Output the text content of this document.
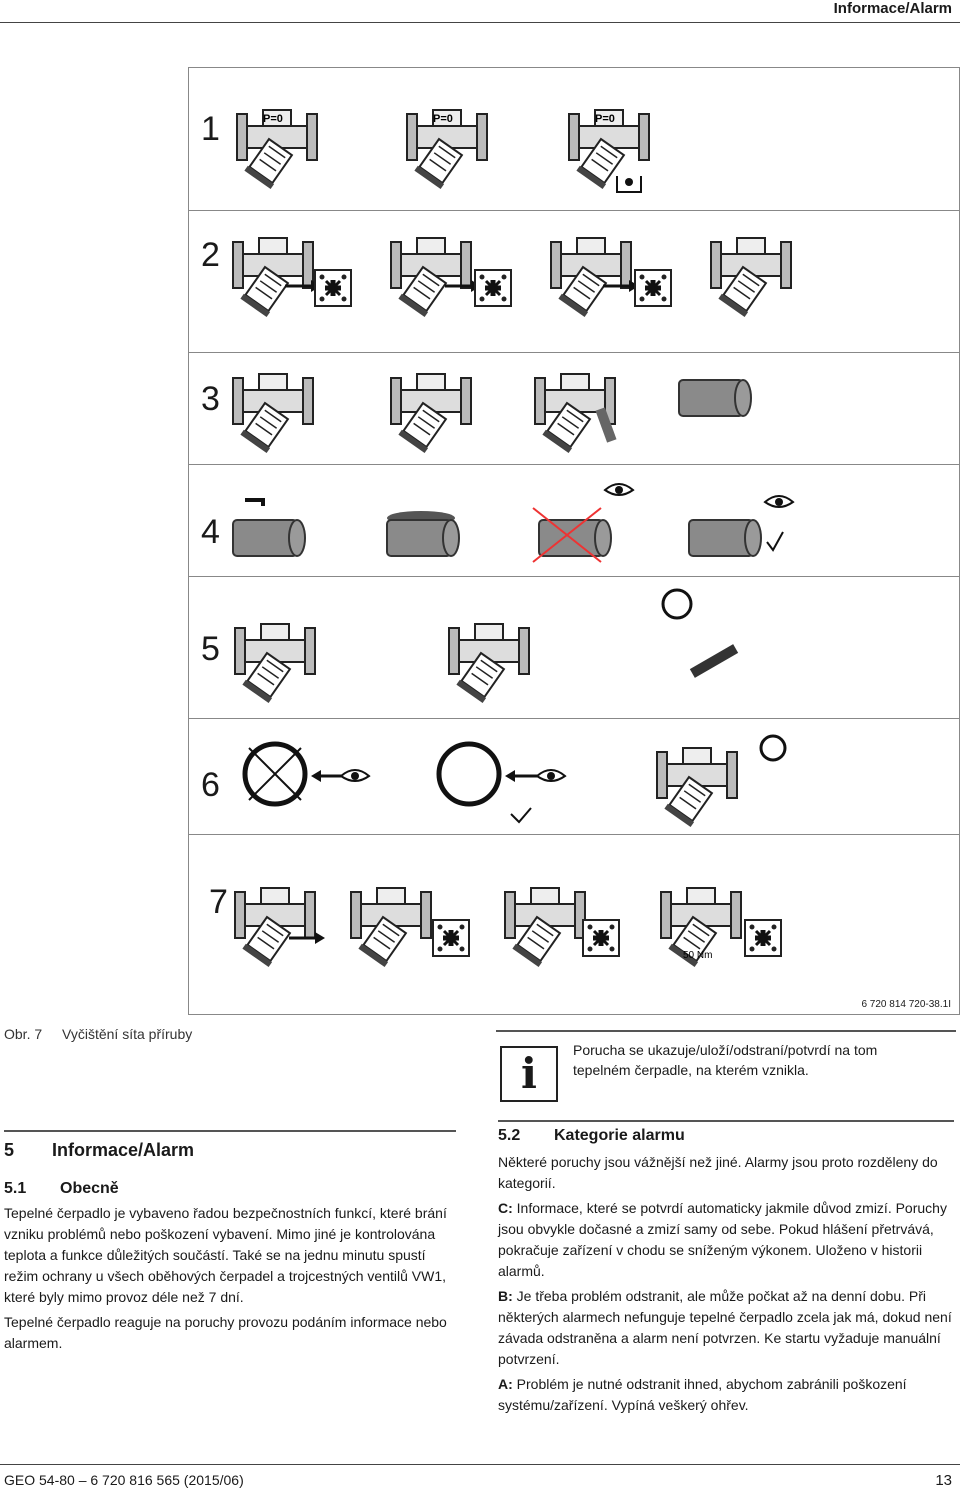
Informace/Alarm
1
2
3
4
5
6
7
P=0	P=0	P=0
50 Nm
6 720 814 720-38.1I
Obr. 7 Vyčištění síta příruby
i	Porucha se ukazuje/uloží/odstraní/potvrdí na tom tepelném čerpadle, na kterém vznikla.
5 Informace/Alarm
5.1 Obecně

Tepelné čerpadlo je vybaveno řadou bezpečnostních funkcí, které brání vzniku problémů nebo poškození vybavení. Mimo jiné je kontrolována teplota a funkce důležitých součástí. Také se na jednu minutu spustí režim ochrany u všech oběhových čerpadel a trojcestných ventilů VW1, které byly mimo provoz déle než 7 dní.

Tepelné čerpadlo reaguje na poruchy provozu podáním informace nebo alarmem.

5.2 Kategorie alarmu

Některé poruchy jsou vážnější než jiné. Alarmy jsou proto rozděleny do kategorií.

C: Informace, které se potvrdí automaticky jakmile důvod zmizí. Poruchy jsou obvykle dočasné a zmizí samy od sebe. Pokud hlášení přetrvává, pokračuje zařízení v chodu se sníženým výkonem. Uloženo v historii alarmů.

B: Je třeba problém odstranit, ale může počkat až na denní dobu. Při některých alarmech nefunguje tepelné čerpadlo zcela jak má, dokud není závada odstraněna a alarm není potvrzen. Ke startu vyžaduje manuální potvrzení.

A: Problém je nutné odstranit ihned, abychom zabránili poškození systému/zařízení. Vypíná veškerý ohřev.

GEO 54-80 – 6 720 816 565 (2015/06)	13
